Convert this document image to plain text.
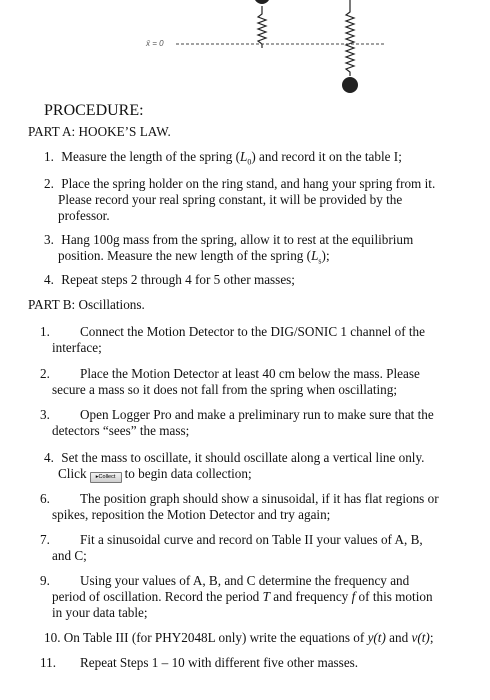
x̄ = 0
PROCEDURE:
PART A: HOOKE’S LAW.
1. Measure the length of the spring $(L_0)$ and record it on the table I;
2. Place the spring holder on the ring stand, and hang your spring from it.
Please record your real spring constant, it will be provided by the
professor.
3. Hang 100g mass from the spring, allow it to rest at the equilibrium
position. Measure the new length of the spring $(L_s)$;
4. Repeat steps 2 through 4 for 5 other masses;
PART B: Oscillations.
1. Connect the Motion Detector to the DIG/SONIC 1 channel of the
interface;
2. Place the Motion Detector at least 40 cm below the mass. Please
secure a mass so it does not fall from the spring when oscillating;
3. Open Logger Pro and make a preliminary run to make sure that the
detectors “sees” the mass;
4. Set the mass to oscillate, it should oscillate along a vertical line only.
Click ▸Collect to begin data collection;
6. The position graph should show a sinusoidal, if it has flat regions or
spikes, reposition the Motion Detector and try again;
7. Fit a sinusoidal curve and record on Table II your values of A, B,
and C;
9. Using your values of A, B, and C determine the frequency and
period of oscillation. Record the period T and frequency f of this motion
in your data table;
10. On Table III (for PHY2048L only) write the equations of y(t) and v(t);
11. Repeat Steps 1 – 10 with different five other masses.
